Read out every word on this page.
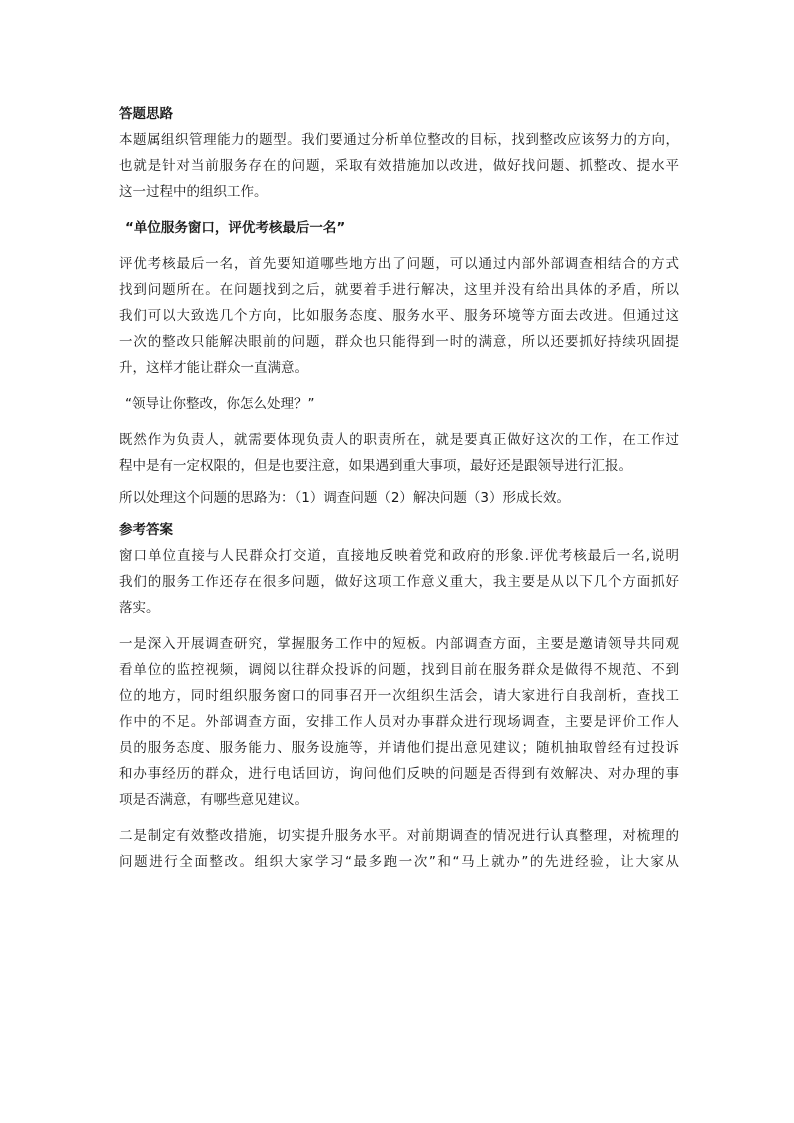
答题思路

本题属组织管理能力的题型。我们要通过分析单位整改的目标，找到整改应该努力的方向，
也就是针对当前服务存在的问题，采取有效措施加以改进，做好找问题、抓整改、提水平
这一过程中的组织工作。

“单位服务窗口，评优考核最后一名”

评优考核最后一名，首先要知道哪些地方出了问题，可以通过内部外部调查相结合的方式
找到问题所在。在问题找到之后，就要着手进行解决，这里并没有给出具体的矛盾，所以
我们可以大致选几个方向，比如服务态度、服务水平、服务环境等方面去改进。但通过这
一次的整改只能解决眼前的问题，群众也只能得到一时的满意，所以还要抓好持续巩固提
升，这样才能让群众一直满意。

“领导让你整改，你怎么处理？”

既然作为负责人，就需要体现负责人的职责所在，就是要真正做好这次的工作，在工作过
程中是有一定权限的，但是也要注意，如果遇到重大事项，最好还是跟领导进行汇报。

所以处理这个问题的思路为：（1）调查问题（2）解决问题（3）形成长效。

参考答案

窗口单位直接与人民群众打交道，直接地反映着党和政府的形象.评优考核最后一名,说明
我们的服务工作还存在很多问题，做好这项工作意义重大，我主要是从以下几个方面抓好
落实。
一是深入开展调查研究，掌握服务工作中的短板。内部调查方面，主要是邀请领导共同观
看单位的监控视频，调阅以往群众投诉的问题，找到目前在服务群众是做得不规范、不到
位的地方，同时组织服务窗口的同事召开一次组织生活会，请大家进行自我剖析，查找工
作中的不足。外部调查方面，安排工作人员对办事群众进行现场调查，主要是评价工作人
员的服务态度、服务能力、服务设施等，并请他们提出意见建议；随机抽取曾经有过投诉
和办事经历的群众，进行电话回访，询问他们反映的问题是否得到有效解决、对办理的事
项是否满意，有哪些意见建议。
二是制定有效整改措施，切实提升服务水平。对前期调查的情况进行认真整理，对梳理的
问题进行全面整改。组织大家学习“最多跑一次”和“马上就办”的先进经验，让大家从
